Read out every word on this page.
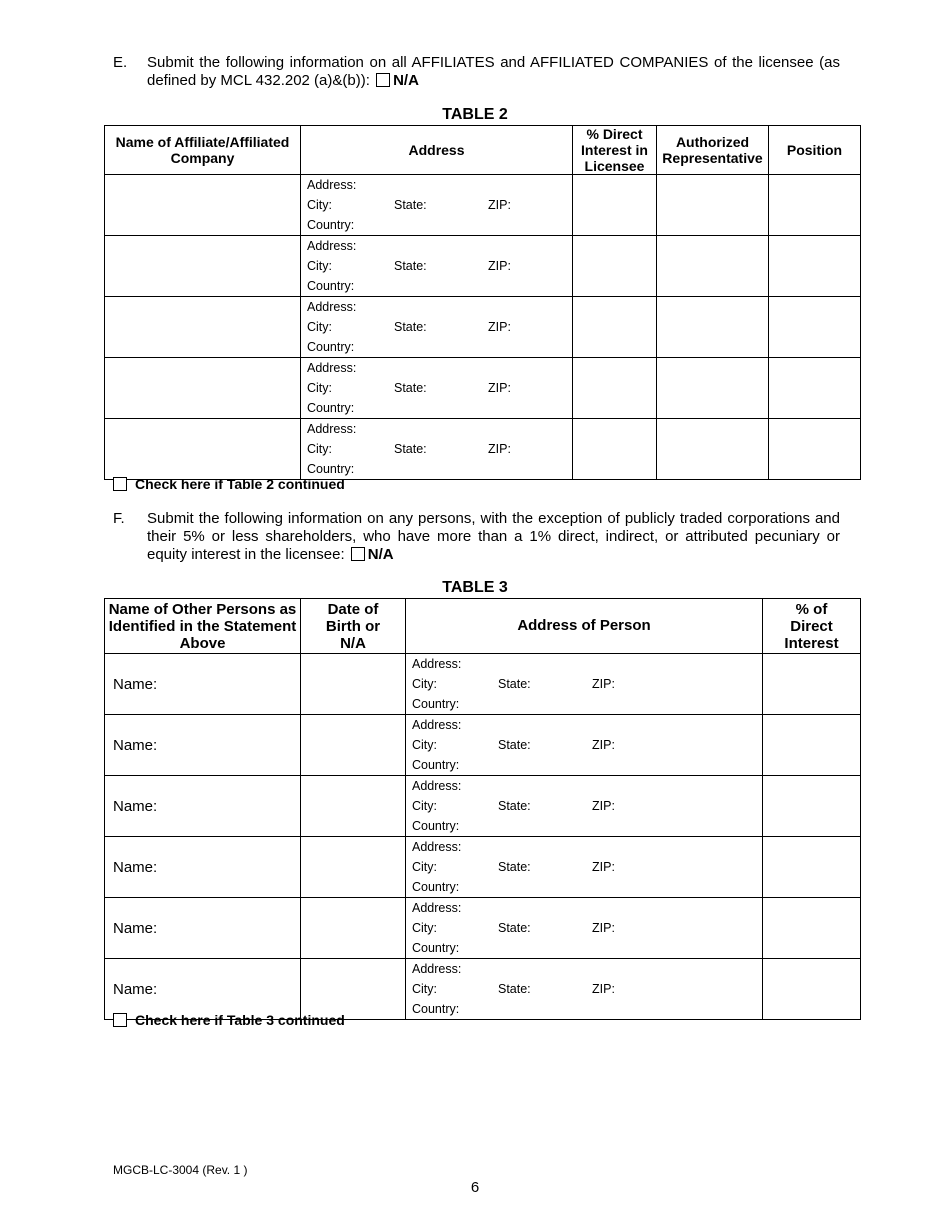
E. Submit the following information on all AFFILIATES and AFFILIATED COMPANIES of the licensee (as defined by MCL 432.202 (a)&(b)): N/A
TABLE 2
Name of Affiliate/Affiliated Company	Address	% Direct Interest in Licensee	Authorized Representative	Position

	Address:
City: State: ZIP:
Country:			

	Address:
City: State: ZIP:
Country:			

	Address:
City: State: ZIP:
Country:			

	Address:
City: State: ZIP:
Country:			

	Address:
City: State: ZIP:
Country:			

Check here if Table 2 continued
F. Submit the following information on any persons, with the exception of publicly traded corporations and their 5% or less shareholders, who have more than a 1% direct, indirect, or attributed pecuniary or equity interest in the licensee: N/A
TABLE 3
Name of Other Persons as Identified in the Statement Above	Date of Birth or N/A	Address of Person	% of Direct Interest
Name:		Address:
City: State: ZIP:
Country:	

Name:		Address:
City: State: ZIP:
Country:	

Name:		Address:
City: State: ZIP:
Country:	

Name:		Address:
City: State: ZIP:
Country:	

Name:		Address:
City: State: ZIP:
Country:	

Name:		Address:
City: State: ZIP:
Country:	

Check here if Table 3 continued
MGCB-LC-3004 (Rev. 1 )
6
